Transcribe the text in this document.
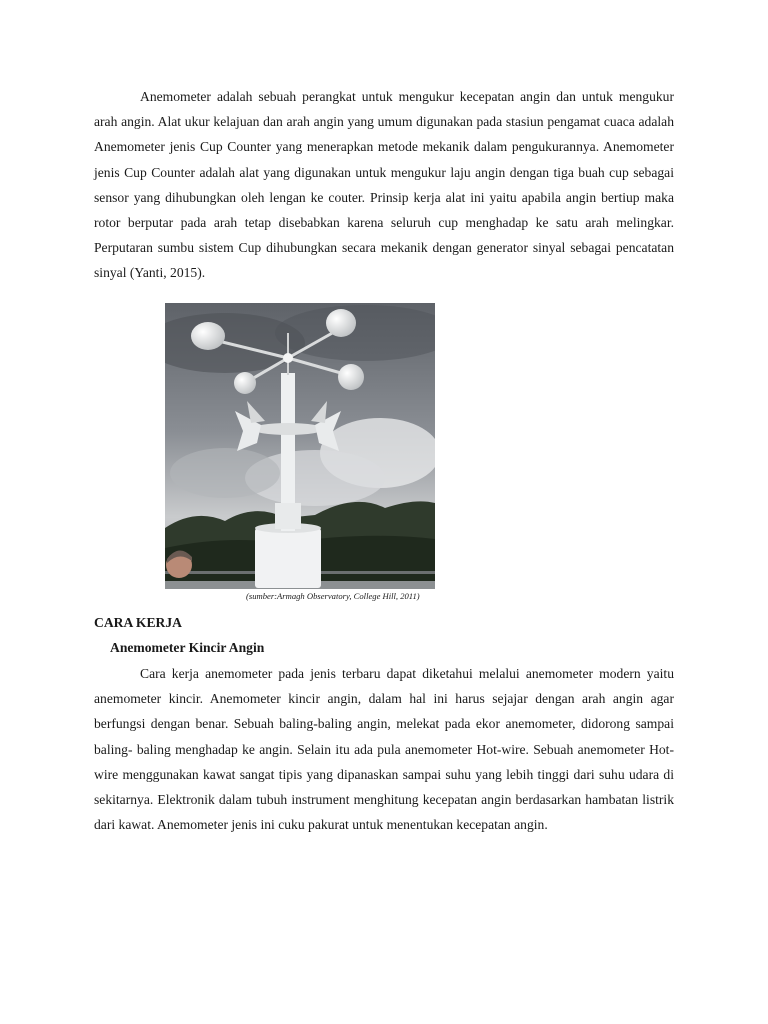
Anemometer adalah sebuah perangkat untuk mengukur kecepatan angin dan untuk mengukur arah angin. Alat ukur kelajuan dan arah angin yang umum digunakan pada stasiun pengamat cuaca adalah Anemometer jenis Cup Counter yang menerapkan metode mekanik dalam pengukurannya. Anemometer jenis Cup Counter adalah alat yang digunakan untuk mengukur laju angin dengan tiga buah cup sebagai sensor yang dihubungkan oleh lengan ke couter. Prinsip kerja alat ini yaitu apabila angin bertiup maka rotor berputar pada arah tetap disebabkan karena seluruh cup menghadap ke satu arah melingkar. Perputaran sumbu sistem Cup dihubungkan secara mekanik dengan generator sinyal sebagai pencatatan sinyal (Yanti, 2015).

(sumber:Armagh Observatory, College Hill, 2011)
CARA KERJA
Anemometer Kincir Angin

Cara kerja anemometer pada jenis terbaru dapat diketahui melalui anemometer modern yaitu anemometer kincir. Anemometer kincir angin, dalam hal ini harus sejajar dengan arah angin agar berfungsi dengan benar. Sebuah baling-baling angin, melekat pada ekor anemometer, didorong sampai baling- baling menghadap ke angin. Selain itu ada pula anemometer Hot-wire. Sebuah anemometer Hot-wire menggunakan kawat sangat tipis yang dipanaskan sampai suhu yang lebih tinggi dari suhu udara di sekitarnya. Elektronik dalam tubuh instrument menghitung kecepatan angin berdasarkan hambatan listrik dari kawat. Anemometer jenis ini cuku pakurat untuk menentukan kecepatan angin.
